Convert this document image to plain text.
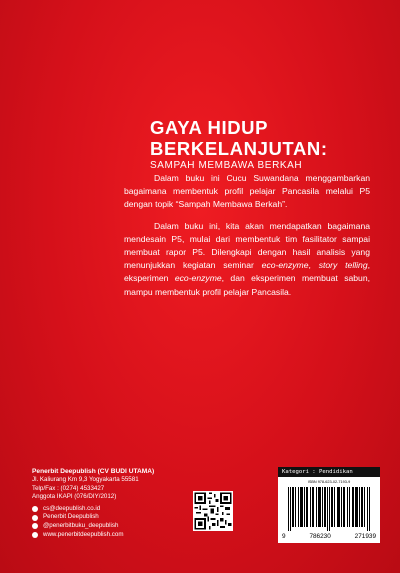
GAYA HIDUP
BERKELANJUTAN:
SAMPAH MEMBAWA BERKAH

Dalam buku ini Cucu Suwandana menggambarkan bagaimana membentuk profil pelajar Pancasila melalui P5 dengan topik “Sampah Membawa Berkah”.

Dalam buku ini, kita akan mendapatkan bagaimana mendesain P5, mulai dari membentuk tim fasilitator sampai membuat rapor P5. Dilengkapi dengan hasil analisis yang menunjukkan kegiatan seminar eco-enzyme, story telling, eksperimen eco-enzyme, dan eksperimen membuat sabun, mampu membentuk profil pelajar Pancasila.

Penerbit Deepublish (CV BUDI UTAMA)
Jl. Kaliurang Km 9,3 Yogyakarta 55581
Telp/Fax : (0274) 4533427
Anggota IKAPI (076/DIY/2012)
cs@deepublish.co.id
Penerbit Deepublish
@penerbitbuku_deepublish
www.penerbitdeepublish.com
Kategori : Pendidikan
ISBN 978-623-02-7193-9
9	786230	271939
